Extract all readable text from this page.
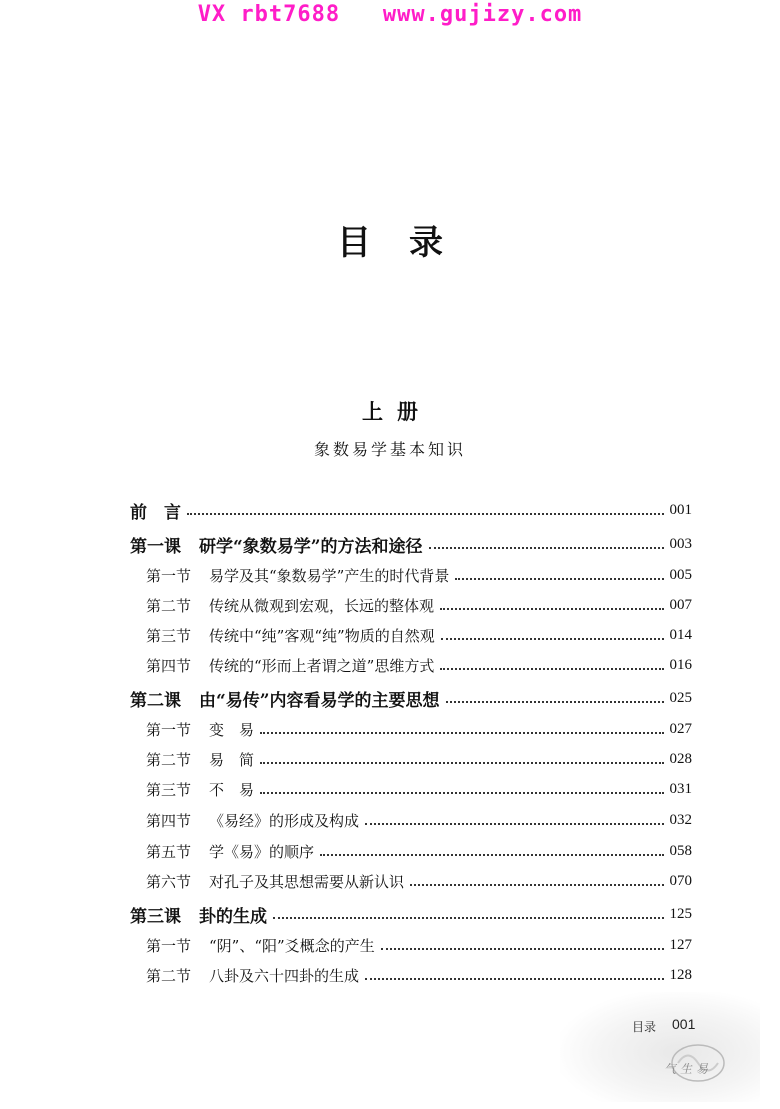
VX rbt7688   www.gujizy.com
目录
上册
象数易学基本知识
前　言	001
第一课 研学“象数易学”的方法和途径	003
第一节 易学及其“象数易学”产生的时代背景	005
第二节 传统从微观到宏观，长远的整体观	007
第三节 传统中“纯”客观“纯”物质的自然观	014
第四节 传统的“形而上者谓之道”思维方式	016
第二课 由“易传”内容看易学的主要思想	025
第一节 变　易	027
第二节 易　简	028
第三节 不　易	031
第四节 《易经》的形成及构成	032
第五节 学《易》的顺序	058
第六节 对孔子及其思想需要从新认识	070
第三课 卦的生成	125
第一节 “阴”、“阳”爻概念的产生	127
第二节 八卦及六十四卦的生成	128
目录 001
气生易
